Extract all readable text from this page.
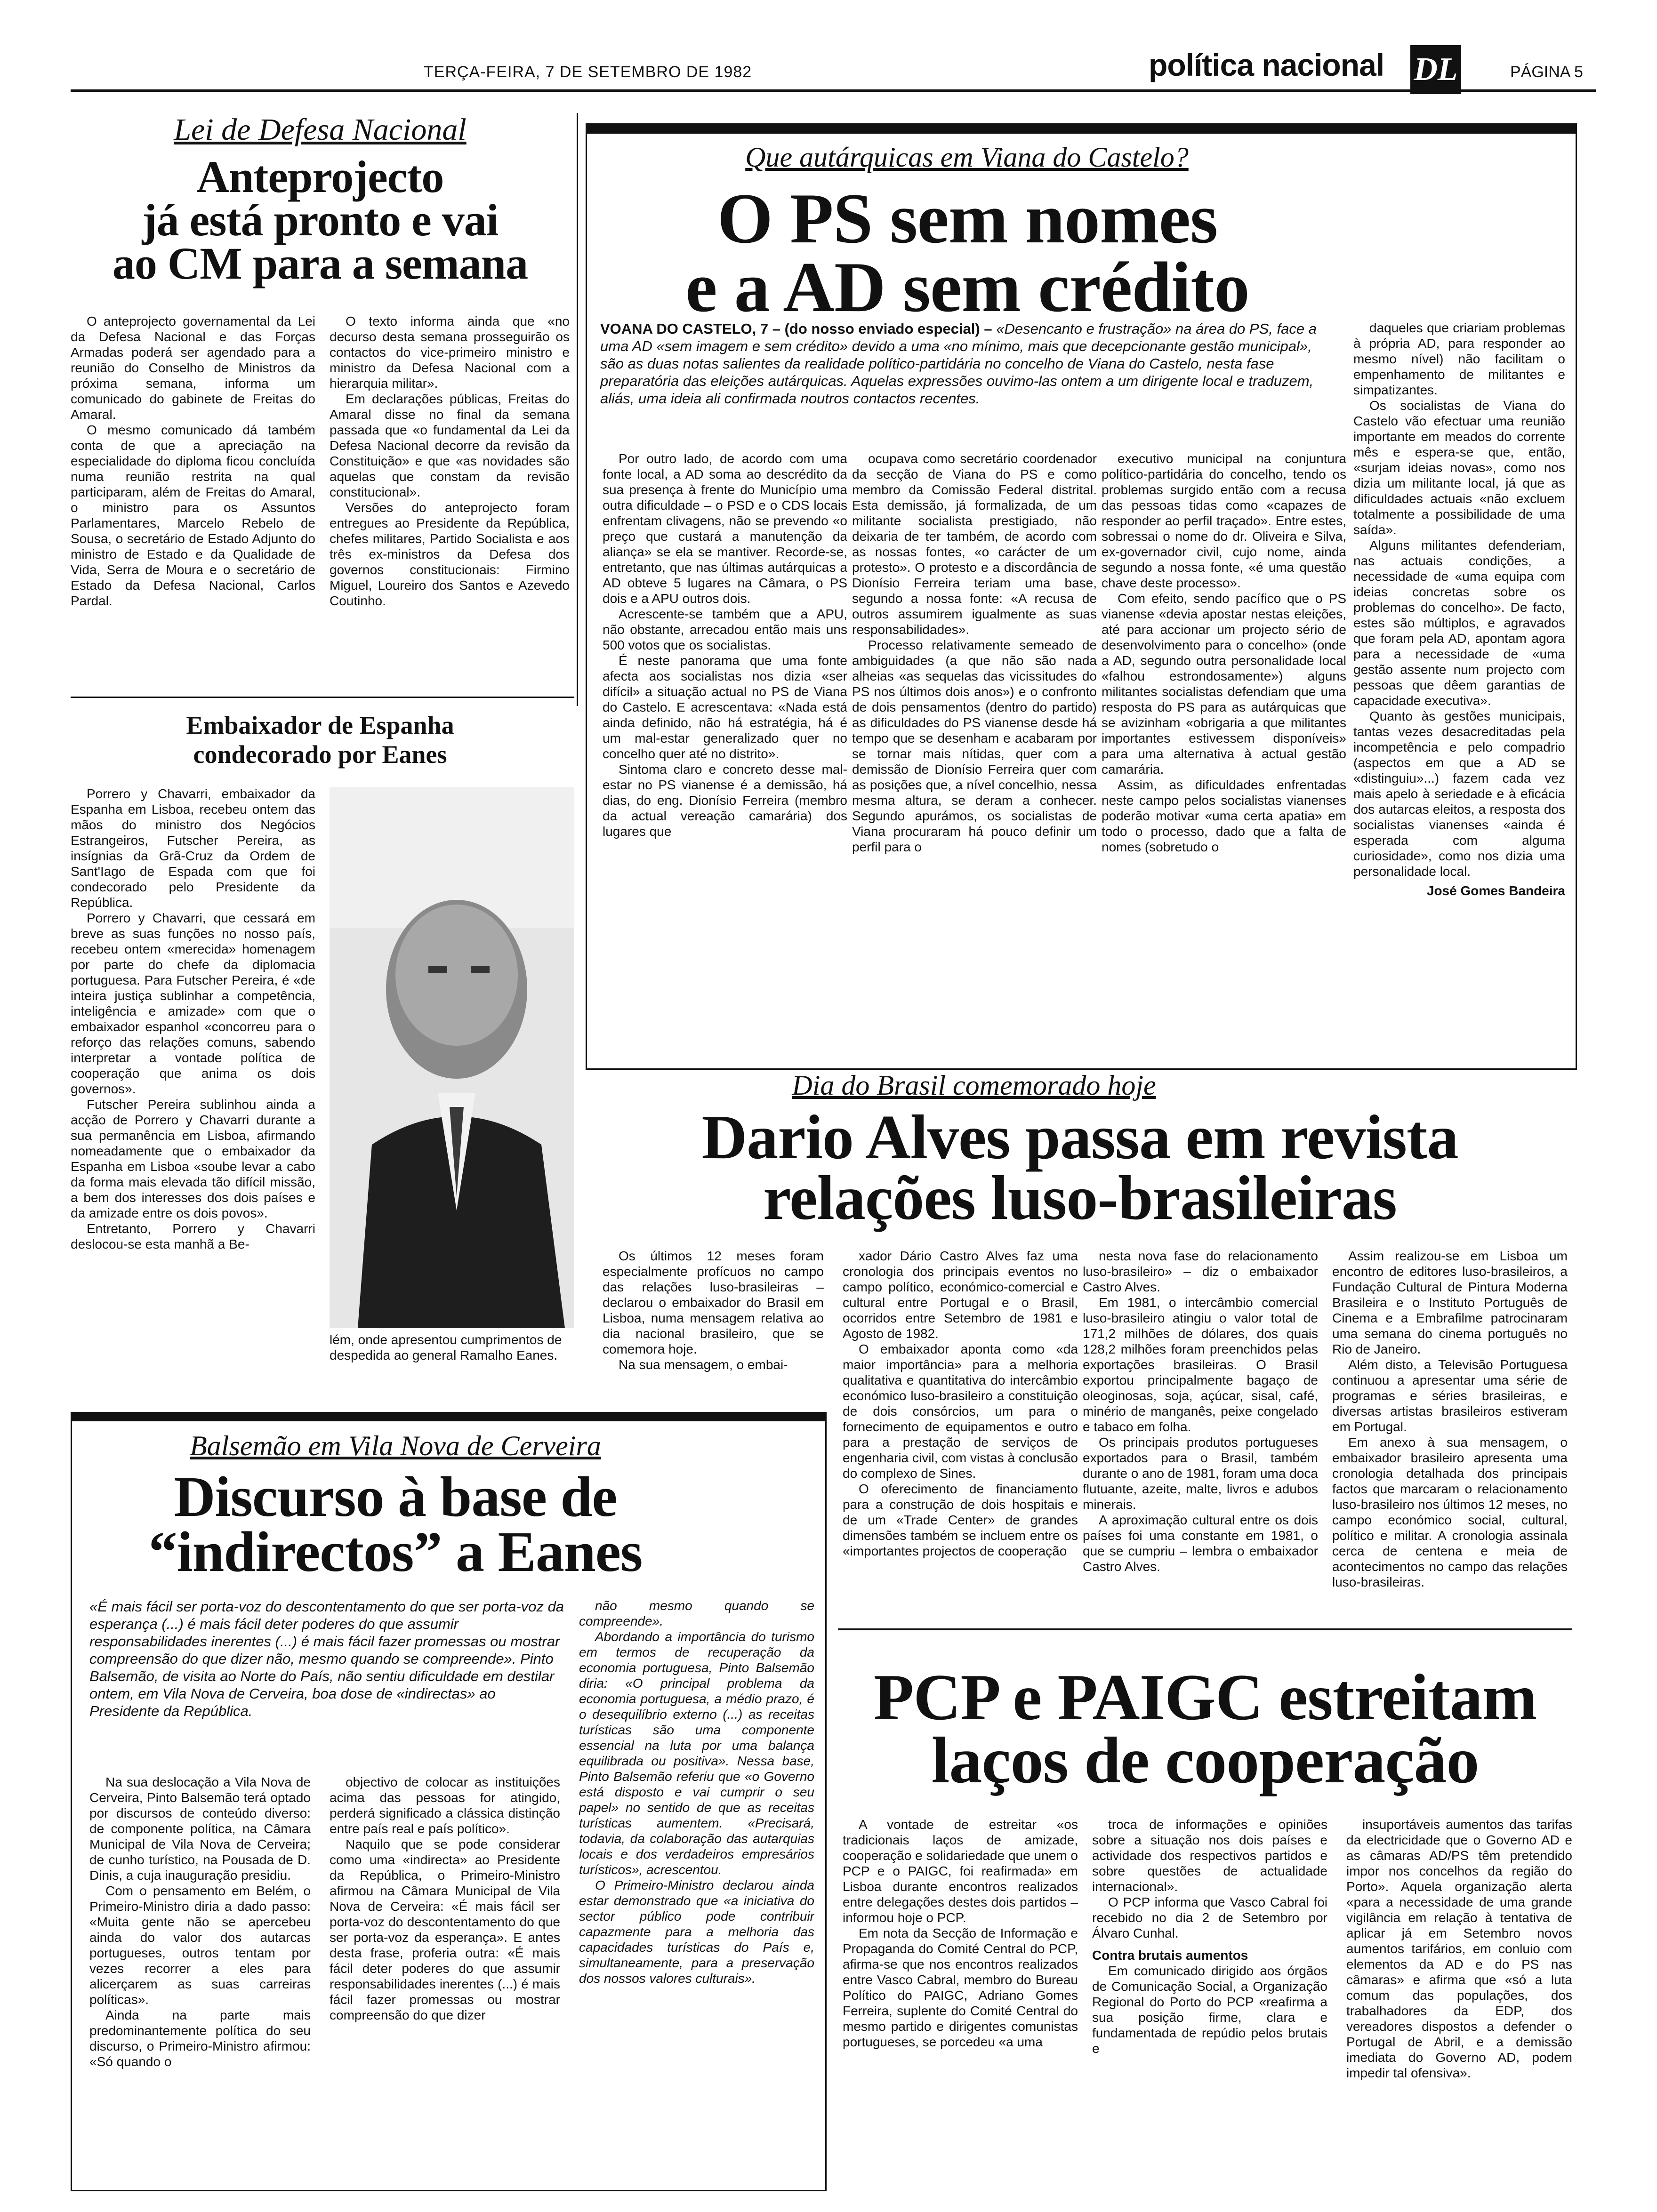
TERÇA-FEIRA, 7 DE SETEMBRO DE 1982	política nacional DL	PÁGINA 5
Lei de Defesa Nacional
Anteprojecto
já está pronto e vai
ao CM para a semana

O anteprojecto governamental da Lei da Defesa Nacional e das Forças Armadas poderá ser agendado para a reunião do Conselho de Ministros da próxima semana, informa um comunicado do gabinete de Freitas do Amaral.

O mesmo comunicado dá também conta de que a apreciação na especialidade do diploma ficou concluída numa reunião restrita na qual participaram, além de Freitas do Amaral, o ministro para os Assuntos Parlamentares, Marcelo Rebelo de Sousa, o secretário de Estado Adjunto do ministro de Estado e da Qualidade de Vida, Serra de Moura e o secretário de Estado da Defesa Nacional, Carlos Pardal.

O texto informa ainda que «no decurso desta semana prosseguirão os contactos do vice-primeiro ministro e ministro da Defesa Nacional com a hierarquia militar».

Em declarações públicas, Freitas do Amaral disse no final da semana passada que «o fundamental da Lei da Defesa Nacional decorre da revisão da Constituição» e que «as novidades são aquelas que constam da revisão constitucional».

Versões do anteprojecto foram entregues ao Presidente da República, chefes militares, Partido Socialista e aos três ex-ministros da Defesa dos governos constitucionais: Firmino Miguel, Loureiro dos Santos e Azevedo Coutinho.

Embaixador de Espanha
condecorado por Eanes

Porrero y Chavarri, embaixador da Espanha em Lisboa, recebeu ontem das mãos do ministro dos Negócios Estrangeiros, Futscher Pereira, as insígnias da Grã-Cruz da Ordem de Sant'Iago de Espada com que foi condecorado pelo Presidente da República.

Porrero y Chavarri, que cessará em breve as suas funções no nosso país, recebeu ontem «merecida» homenagem por parte do chefe da diplomacia portuguesa. Para Futscher Pereira, é «de inteira justiça sublinhar a competência, inteligência e amizade» com que o embaixador espanhol «concorreu para o reforço das relações comuns, sabendo interpretar a vontade política de cooperação que anima os dois governos».

Futscher Pereira sublinhou ainda a acção de Porrero y Chavarri durante a sua permanência em Lisboa, afirmando nomeadamente que o embaixador da Espanha em Lisboa «soube levar a cabo da forma mais elevada tão difícil missão, a bem dos interesses dos dois países e da amizade entre os dois povos».

Entretanto, Porrero y Chavarri deslocou-se esta manhã a Be-

lém, onde apresentou cumprimentos de despedida ao general Ramalho Eanes.
Que autárquicas em Viana do Castelo?
O PS sem nomes
e a AD sem crédito
VOANA DO CASTELO, 7 – (do nosso enviado especial) – «Desencanto e frustração» na área do PS, face a uma AD «sem imagem e sem crédito» devido a uma «no mínimo, mais que decepcionante gestão municipal», são as duas notas salientes da realidade político-partidária no concelho de Viana do Castelo, nesta fase preparatória das eleições autárquicas. Aquelas expressões ouvimo-las ontem a um dirigente local e traduzem, aliás, uma ideia ali confirmada noutros contactos recentes.

Por outro lado, de acordo com uma fonte local, a AD soma ao descrédito da sua presença à frente do Município uma outra dificuldade – o PSD e o CDS locais enfrentam clivagens, não se prevendo «o preço que custará a manutenção da aliança» se ela se mantiver. Recorde-se, entretanto, que nas últimas autárquicas a AD obteve 5 lugares na Câmara, o PS dois e a APU outros dois.

Acrescente-se também que a APU, não obstante, arrecadou então mais uns 500 votos que os socialistas.

É neste panorama que uma fonte afecta aos socialistas nos dizia «ser difícil» a situação actual no PS de Viana do Castelo. E acrescentava: «Nada está ainda definido, não há estratégia, há é um mal-estar generalizado quer no concelho quer até no distrito».

Sintoma claro e concreto desse mal-estar no PS vianense é a demissão, há dias, do eng. Dionísio Ferreira (membro da actual vereação camarária) dos lugares que

ocupava como secretário coordenador da secção de Viana do PS e como membro da Comissão Federal distrital. Esta demissão, já formalizada, de um militante socialista prestigiado, não deixaria de ter também, de acordo com as nossas fontes, «o carácter de um protesto». O protesto e a discordância de Dionísio Ferreira teriam uma base, segundo a nossa fonte: «A recusa de outros assumirem igualmente as suas responsabilidades».

Processo relativamente semeado de ambiguidades (a que não são nada alheias «as sequelas das vicissitudes do PS nos últimos dois anos») e o confronto de dois pensamentos (dentro do partido) as dificuldades do PS vianense desde há tempo que se desenham e acabaram por se tornar mais nítidas, quer com a demissão de Dionísio Ferreira quer com as posições que, a nível concelhio, nessa mesma altura, se deram a conhecer. Segundo apurámos, os socialistas de Viana procuraram há pouco definir um perfil para o

executivo municipal na conjuntura político-partidária do concelho, tendo os problemas surgido então com a recusa das pessoas tidas como «capazes de responder ao perfil traçado». Entre estes, sobressai o nome do dr. Oliveira e Silva, ex-governador civil, cujo nome, ainda segundo a nossa fonte, «é uma questão chave deste processo».

Com efeito, sendo pacífico que o PS vianense «devia apostar nestas eleições, até para accionar um projecto sério de desenvolvimento para o concelho» (onde a AD, segundo outra personalidade local «falhou estrondosamente») alguns militantes socialistas defendiam que uma resposta do PS para as autárquicas que se avizinham «obrigaria a que militantes importantes estivessem disponíveis» para uma alternativa à actual gestão camarária.

Assim, as dificuldades enfrentadas neste campo pelos socialistas vianenses poderão motivar «uma certa apatia» em todo o processo, dado que a falta de nomes (sobretudo o

daqueles que criariam problemas à própria AD, para responder ao mesmo nível) não facilitam o empenhamento de militantes e simpatizantes.

Os socialistas de Viana do Castelo vão efectuar uma reunião importante em meados do corrente mês e espera-se que, então, «surjam ideias novas», como nos dizia um militante local, já que as dificuldades actuais «não excluem totalmente a possibilidade de uma saída».

Alguns militantes defenderiam, nas actuais condições, a necessidade de «uma equipa com ideias concretas sobre os problemas do concelho». De facto, estes são múltiplos, e agravados que foram pela AD, apontam agora para a necessidade de «uma gestão assente num projecto com pessoas que dêem garantias de capacidade executiva».

Quanto às gestões municipais, tantas vezes desacreditadas pela incompetência e pelo compadrio (aspectos em que a AD se «distinguiu»...) fazem cada vez mais apelo à seriedade e à eficácia dos autarcas eleitos, a resposta dos socialistas vianenses «ainda é esperada com alguma curiosidade», como nos dizia uma personalidade local.

José Gomes Bandeira
Dia do Brasil comemorado hoje
Dario Alves passa em revista
relações luso-brasileiras

Os últimos 12 meses foram especialmente profícuos no campo das relações luso-brasileiras – declarou o embaixador do Brasil em Lisboa, numa mensagem relativa ao dia nacional brasileiro, que se comemora hoje.

Na sua mensagem, o embai-

xador Dário Castro Alves faz uma cronologia dos principais eventos no campo político, económico-comercial e cultural entre Portugal e o Brasil, ocorridos entre Setembro de 1981 e Agosto de 1982.

O embaixador aponta como «da maior importância» para a melhoria qualitativa e quantitativa do intercâmbio económico luso-brasileiro a constituição de dois consórcios, um para o fornecimento de equipamentos e outro para a prestação de serviços de engenharia civil, com vistas à conclusão do complexo de Sines.

O oferecimento de financiamento para a construção de dois hospitais e de um «Trade Center» de grandes dimensões também se incluem entre os «importantes projectos de cooperação

nesta nova fase do relacionamento luso-brasileiro» – diz o embaixador Castro Alves.

Em 1981, o intercâmbio comercial luso-brasileiro atingiu o valor total de 171,2 milhões de dólares, dos quais 128,2 milhões foram preenchidos pelas exportações brasileiras. O Brasil exportou principalmente bagaço de oleoginosas, soja, açúcar, sisal, café, minério de manganês, peixe congelado e tabaco em folha.

Os principais produtos portugueses exportados para o Brasil, também durante o ano de 1981, foram uma doca flutuante, azeite, malte, livros e adubos minerais.

A aproximação cultural entre os dois países foi uma constante em 1981, o que se cumpriu – lembra o embaixador Castro Alves.

Assim realizou-se em Lisboa um encontro de editores luso-brasileiros, a Fundação Cultural de Pintura Moderna Brasileira e o Instituto Português de Cinema e a Embrafilme patrocinaram uma semana do cinema português no Rio de Janeiro.

Além disto, a Televisão Portuguesa continuou a apresentar uma série de programas e séries brasileiras, e diversas artistas brasileiros estiveram em Portugal.

Em anexo à sua mensagem, o embaixador brasileiro apresenta uma cronologia detalhada dos principais factos que marcaram o relacionamento luso-brasileiro nos últimos 12 meses, no campo económico social, cultural, político e militar. A cronologia assinala cerca de centena e meia de acontecimentos no campo das relações luso-brasileiras.

Balsemão em Vila Nova de Cerveira
Discurso à base de
“indirectos” a Eanes
«É mais fácil ser porta-voz do descontentamento do que ser porta-voz da esperança (...) é mais fácil deter poderes do que assumir responsabilidades inerentes (...) é mais fácil fazer promessas ou mostrar compreensão do que dizer não, mesmo quando se compreende». Pinto Balsemão, de visita ao Norte do País, não sentiu dificuldade em destilar ontem, em Vila Nova de Cerveira, boa dose de «indirectas» ao Presidente da República.

Na sua deslocação a Vila Nova de Cerveira, Pinto Balsemão terá optado por discursos de conteúdo diverso: de componente política, na Câmara Municipal de Vila Nova de Cerveira; de cunho turístico, na Pousada de D. Dinis, a cuja inauguração presidiu.

Com o pensamento em Belém, o Primeiro-Ministro diria a dado passo: «Muita gente não se apercebeu ainda do valor dos autarcas portugueses, outros tentam por vezes recorrer a eles para alicerçarem as suas carreiras políticas».

Ainda na parte mais predominantemente política do seu discurso, o Primeiro-Ministro afirmou: «Só quando o

objectivo de colocar as instituições acima das pessoas for atingido, perderá significado a clássica distinção entre país real e país político».

Naquilo que se pode considerar como uma «indirecta» ao Presidente da República, o Primeiro-Ministro afirmou na Câmara Municipal de Vila Nova de Cerveira: «É mais fácil ser porta-voz do descontentamento do que ser porta-voz da esperança». E antes desta frase, proferia outra: «É mais fácil deter poderes do que assumir responsabilidades inerentes (...) é mais fácil fazer promessas ou mostrar compreensão do que dizer

não mesmo quando se compreende».

Abordando a importância do turismo em termos de recuperação da economia portuguesa, Pinto Balsemão diria: «O principal problema da economia portuguesa, a médio prazo, é o desequilíbrio externo (...) as receitas turísticas são uma componente essencial na luta por uma balança equilibrada ou positiva». Nessa base, Pinto Balsemão referiu que «o Governo está disposto e vai cumprir o seu papel» no sentido de que as receitas turísticas aumentem. «Precisará, todavia, da colaboração das autarquias locais e dos verdadeiros empresários turísticos», acrescentou.

O Primeiro-Ministro declarou ainda estar demonstrado que «a iniciativa do sector público pode contribuir capazmente para a melhoria das capacidades turísticas do País e, simultaneamente, para a preservação dos nossos valores culturais».

PCP e PAIGC estreitam
laços de cooperação

A vontade de estreitar «os tradicionais laços de amizade, cooperação e solidariedade que unem o PCP e o PAIGC, foi reafirmada» em Lisboa durante encontros realizados entre delegações destes dois partidos – informou hoje o PCP.

Em nota da Secção de Informação e Propaganda do Comité Central do PCP, afirma-se que nos encontros realizados entre Vasco Cabral, membro do Bureau Político do PAIGC, Adriano Gomes Ferreira, suplente do Comité Central do mesmo partido e dirigentes comunistas portugueses, se porcedeu «a uma

troca de informações e opiniões sobre a situação nos dois países e actividade dos respectivos partidos e sobre questões de actualidade internacional».

O PCP informa que Vasco Cabral foi recebido no dia 2 de Setembro por Álvaro Cunhal.

Contra brutais aumentos

Em comunicado dirigido aos órgãos de Comunicação Social, a Organização Regional do Porto do PCP «reafirma a sua posição firme, clara e fundamentada de repúdio pelos brutais e

insuportáveis aumentos das tarifas da electricidade que o Governo AD e as câmaras AD/PS têm pretendido impor nos concelhos da região do Porto». Aquela organização alerta «para a necessidade de uma grande vigilância em relação à tentativa de aplicar já em Setembro novos aumentos tarifários, em conluio com elementos da AD e do PS nas câmaras» e afirma que «só a luta comum das populações, dos trabalhadores da EDP, dos vereadores dispostos a defender o Portugal de Abril, e a demissão imediata do Governo AD, podem impedir tal ofensiva».
